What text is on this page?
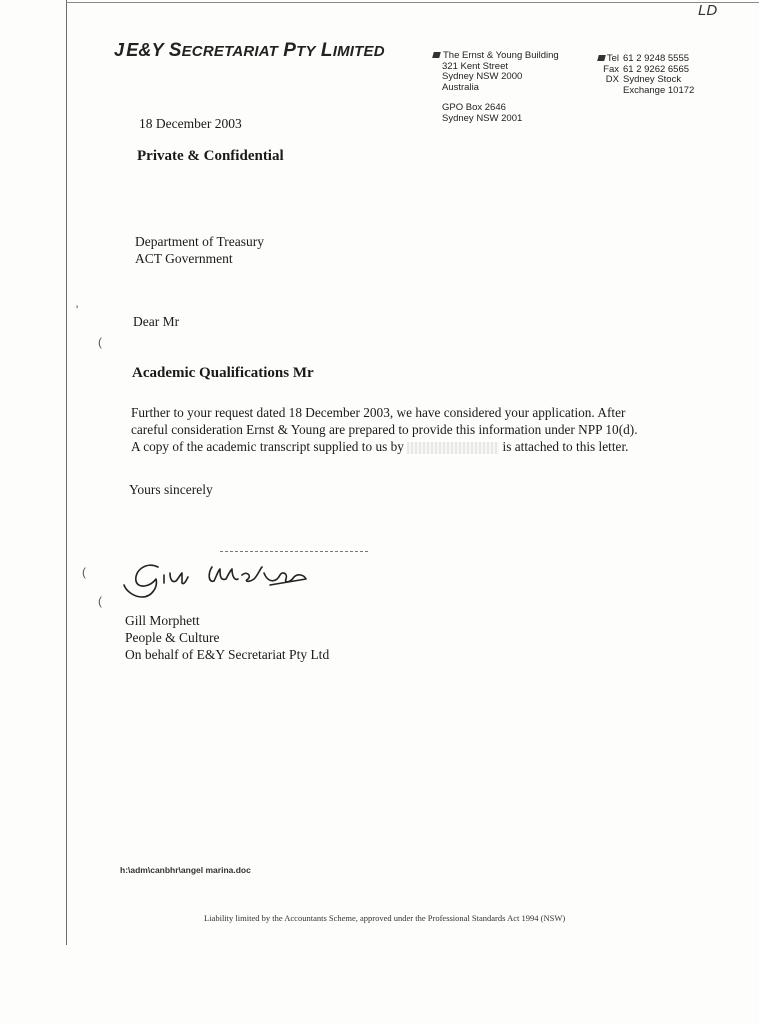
LD
J E&Y SECRETARIAT PTY LIMITED	The Ernst & Young Building
321 Kent Street
Sydney NSW 2000
Australia
GPO Box 2646
Sydney NSW 2001
Tel 61 2 9248 5555
Fax 61 2 9262 6565
DX Sydney Stock
Exchange 10172
18 December 2003
Private & Confidential
Department of Treasury
ACT Government
Dear Mr
Academic Qualifications Mr
Further to your request dated 18 December 2003, we have considered your application. After
careful consideration Ernst & Young are prepared to provide this information under NPP 10(d).
A copy of the academic transcript supplied to us by	is attached to this letter.
Yours sincerely
Gill Morphett
People & Culture
On behalf of E&Y Secretariat Pty Ltd
h:\adm\canbhr\angel marina.doc
Liability limited by the Accountants Scheme, approved under the Professional Standards Act 1994 (NSW)
'
(
(
(
